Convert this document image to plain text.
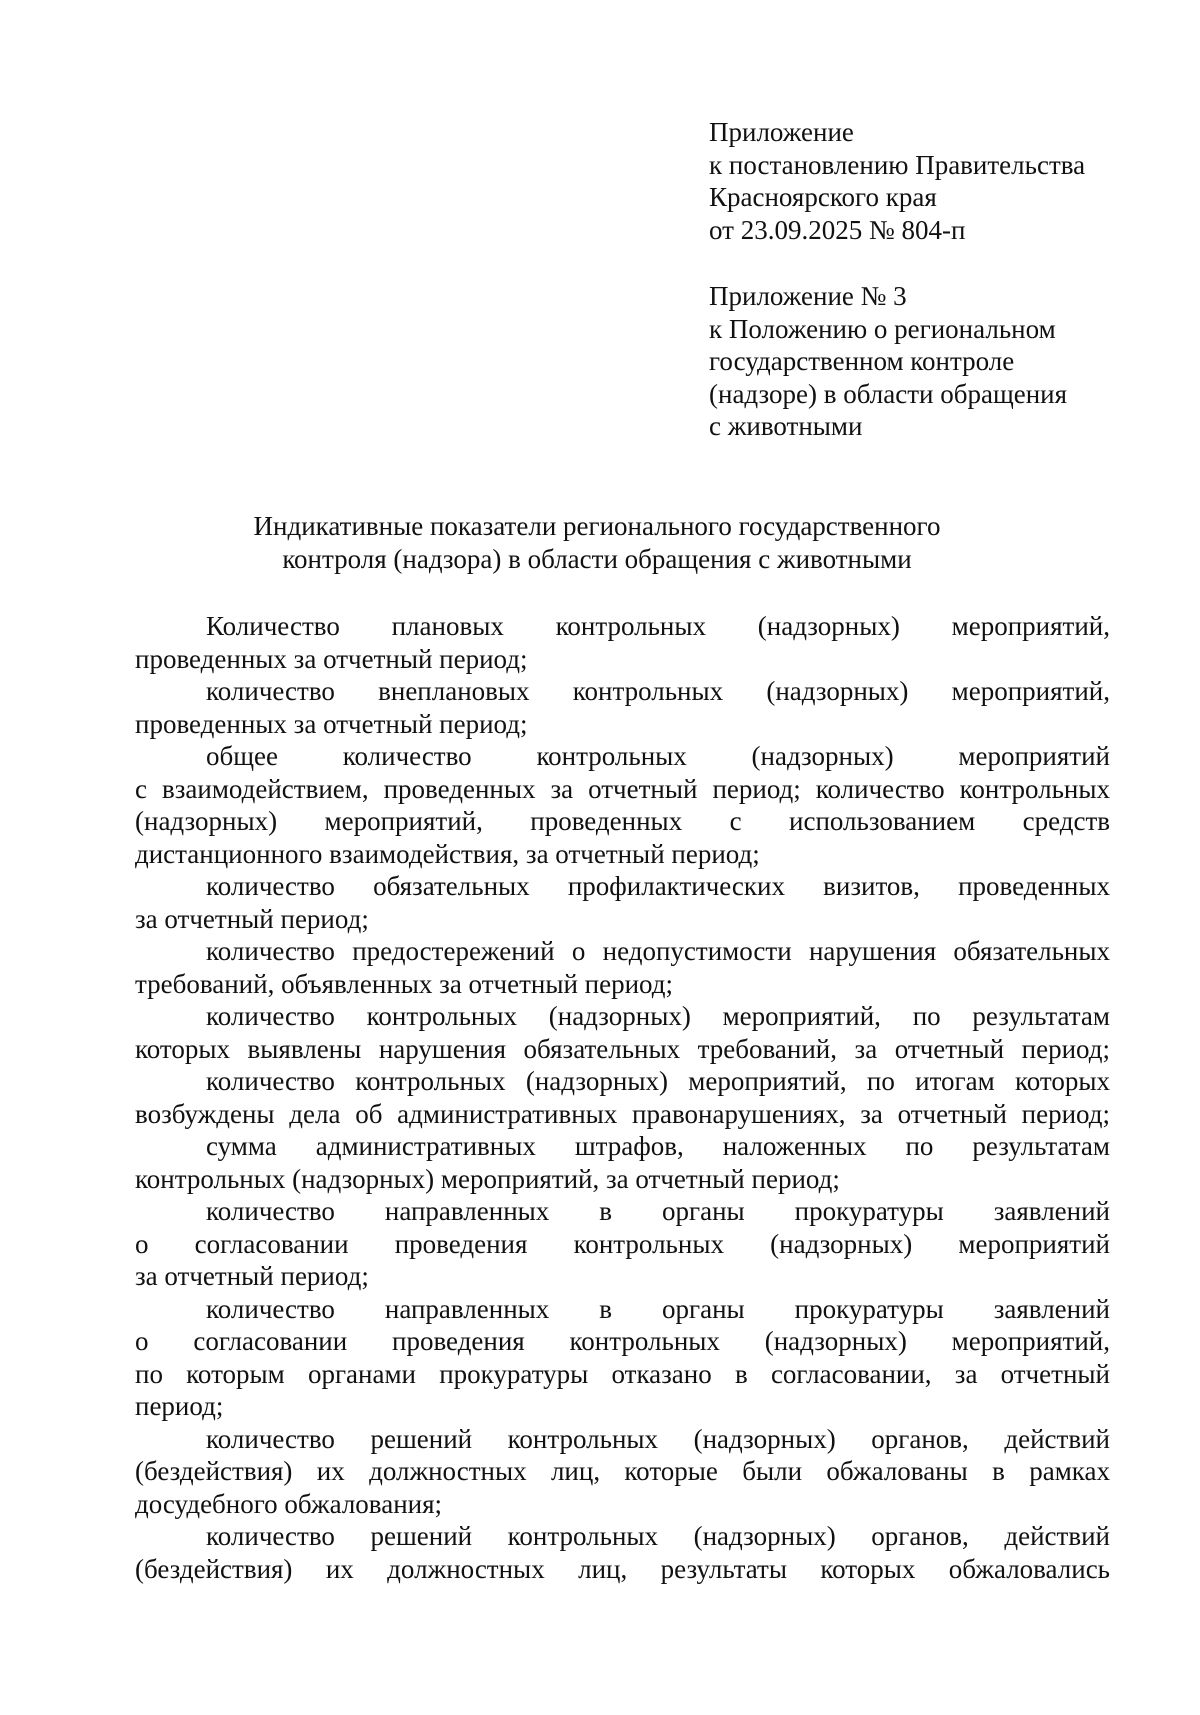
Приложение
к постановлению Правительства
Красноярского края
от 23.09.2025 № 804-п
Приложение № 3
к Положению о региональном
государственном контроле
(надзоре) в области обращения
с животными
Индикативные показатели регионального государственного
контроля (надзора) в области обращения с животными
Количество плановых контрольных (надзорных) мероприятий,
проведенных за отчетный период;
количество внеплановых контрольных (надзорных) мероприятий,
проведенных за отчетный период;
общее количество контрольных (надзорных) мероприятий
с взаимодействием, проведенных за отчетный период; количество контрольных
(надзорных) мероприятий, проведенных с использованием средств
дистанционного взаимодействия, за отчетный период;
количество обязательных профилактических визитов, проведенных
за отчетный период;
количество предостережений о недопустимости нарушения обязательных
требований, объявленных за отчетный период;
количество контрольных (надзорных) мероприятий, по результатам
которых выявлены нарушения обязательных требований, за отчетный период;
количество контрольных (надзорных) мероприятий, по итогам которых
возбуждены дела об административных правонарушениях, за отчетный период;
сумма административных штрафов, наложенных по результатам
контрольных (надзорных) мероприятий, за отчетный период;
количество направленных в органы прокуратуры заявлений
о согласовании проведения контрольных (надзорных) мероприятий
за отчетный период;
количество направленных в органы прокуратуры заявлений
о согласовании проведения контрольных (надзорных) мероприятий,
по которым органами прокуратуры отказано в согласовании, за отчетный
период;
количество решений контрольных (надзорных) органов, действий
(бездействия) их должностных лиц, которые были обжалованы в рамках
досудебного обжалования;
количество решений контрольных (надзорных) органов, действий
(бездействия) их должностных лиц, результаты которых обжаловались
